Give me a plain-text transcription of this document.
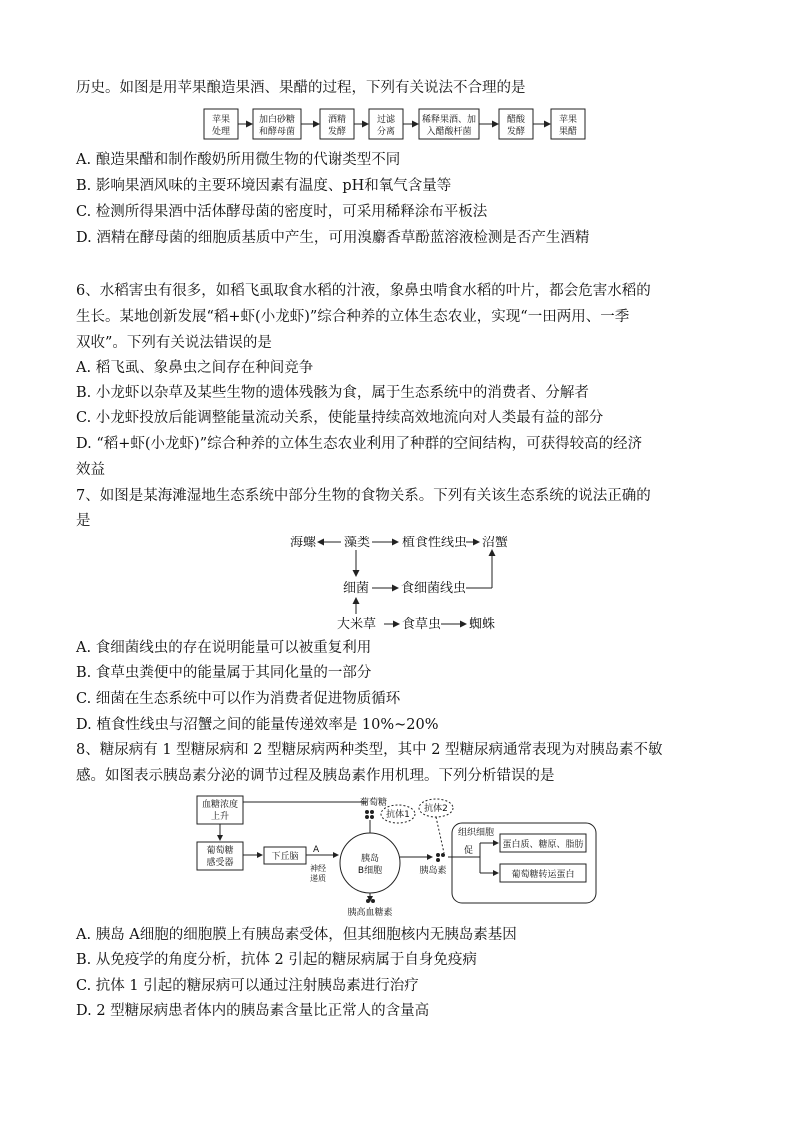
历史。如图是用苹果酿造果酒、果醋的过程，下列有关说法不合理的是
苹果
处理
加白砂糖
和酵母菌
酒精
发酵
过滤
分离
稀释果酒、加
入醋酸杆菌
醋酸
发酵
苹果
果醋
A. 酿造果醋和制作酸奶所用微生物的代谢类型不同
B. 影响果酒风味的主要环境因素有温度、pH和氧气含量等
C. 检测所得果酒中活体酵母菌的密度时，可采用稀释涂布平板法
D. 酒精在酵母菌的细胞质基质中产生，可用溴麝香草酚蓝溶液检测是否产生酒精
6、水稻害虫有很多，如稻飞虱取食水稻的汁液，象鼻虫啃食水稻的叶片，都会危害水稻的
生长。某地创新发展“稻+虾(小龙虾)”综合种养的立体生态农业，实现“一田两用、一季
双收”。下列有关说法错误的是
A. 稻飞虱、象鼻虫之间存在种间竞争
B. 小龙虾以杂草及某些生物的遗体残骸为食，属于生态系统中的消费者、分解者
C. 小龙虾投放后能调整能量流动关系，使能量持续高效地流向对人类最有益的部分
D. “稻+虾(小龙虾)”综合种养的立体生态农业利用了种群的空间结构，可获得较高的经济
效益
7、如图是某海滩湿地生态系统中部分生物的食物关系。下列有关该生态系统的说法正确的
是
海螺 藻类 植食性线虫 沼蟹
细菌 食细菌线虫
大米草 食草虫 蜘蛛
A. 食细菌线虫的存在说明能量可以被重复利用
B. 食草虫粪便中的能量属于其同化量的一部分
C. 细菌在生态系统中可以作为消费者促进物质循环
D. 植食性线虫与沼蟹之间的能量传递效率是 10%~20%
8、糖尿病有 1 型糖尿病和 2 型糖尿病两种类型，其中 2 型糖尿病通常表现为对胰岛素不敏
感。如图表示胰岛素分泌的调节过程及胰岛素作用机理。下列分析错误的是
血糖浓度
上升
葡萄糖
抗体1
抗体2
葡萄糖
感受器
下丘脑
A
神经
递质
胰岛
B细胞	胰岛素
胰高血糖素
组织细胞
促
蛋白质、糖原、脂肪
葡萄糖转运蛋白
A. 胰岛 A细胞的细胞膜上有胰岛素受体，但其细胞核内无胰岛素基因
B. 从免疫学的角度分析，抗体 2 引起的糖尿病属于自身免疫病
C. 抗体 1 引起的糖尿病可以通过注射胰岛素进行治疗
D. 2 型糖尿病患者体内的胰岛素含量比正常人的含量高
